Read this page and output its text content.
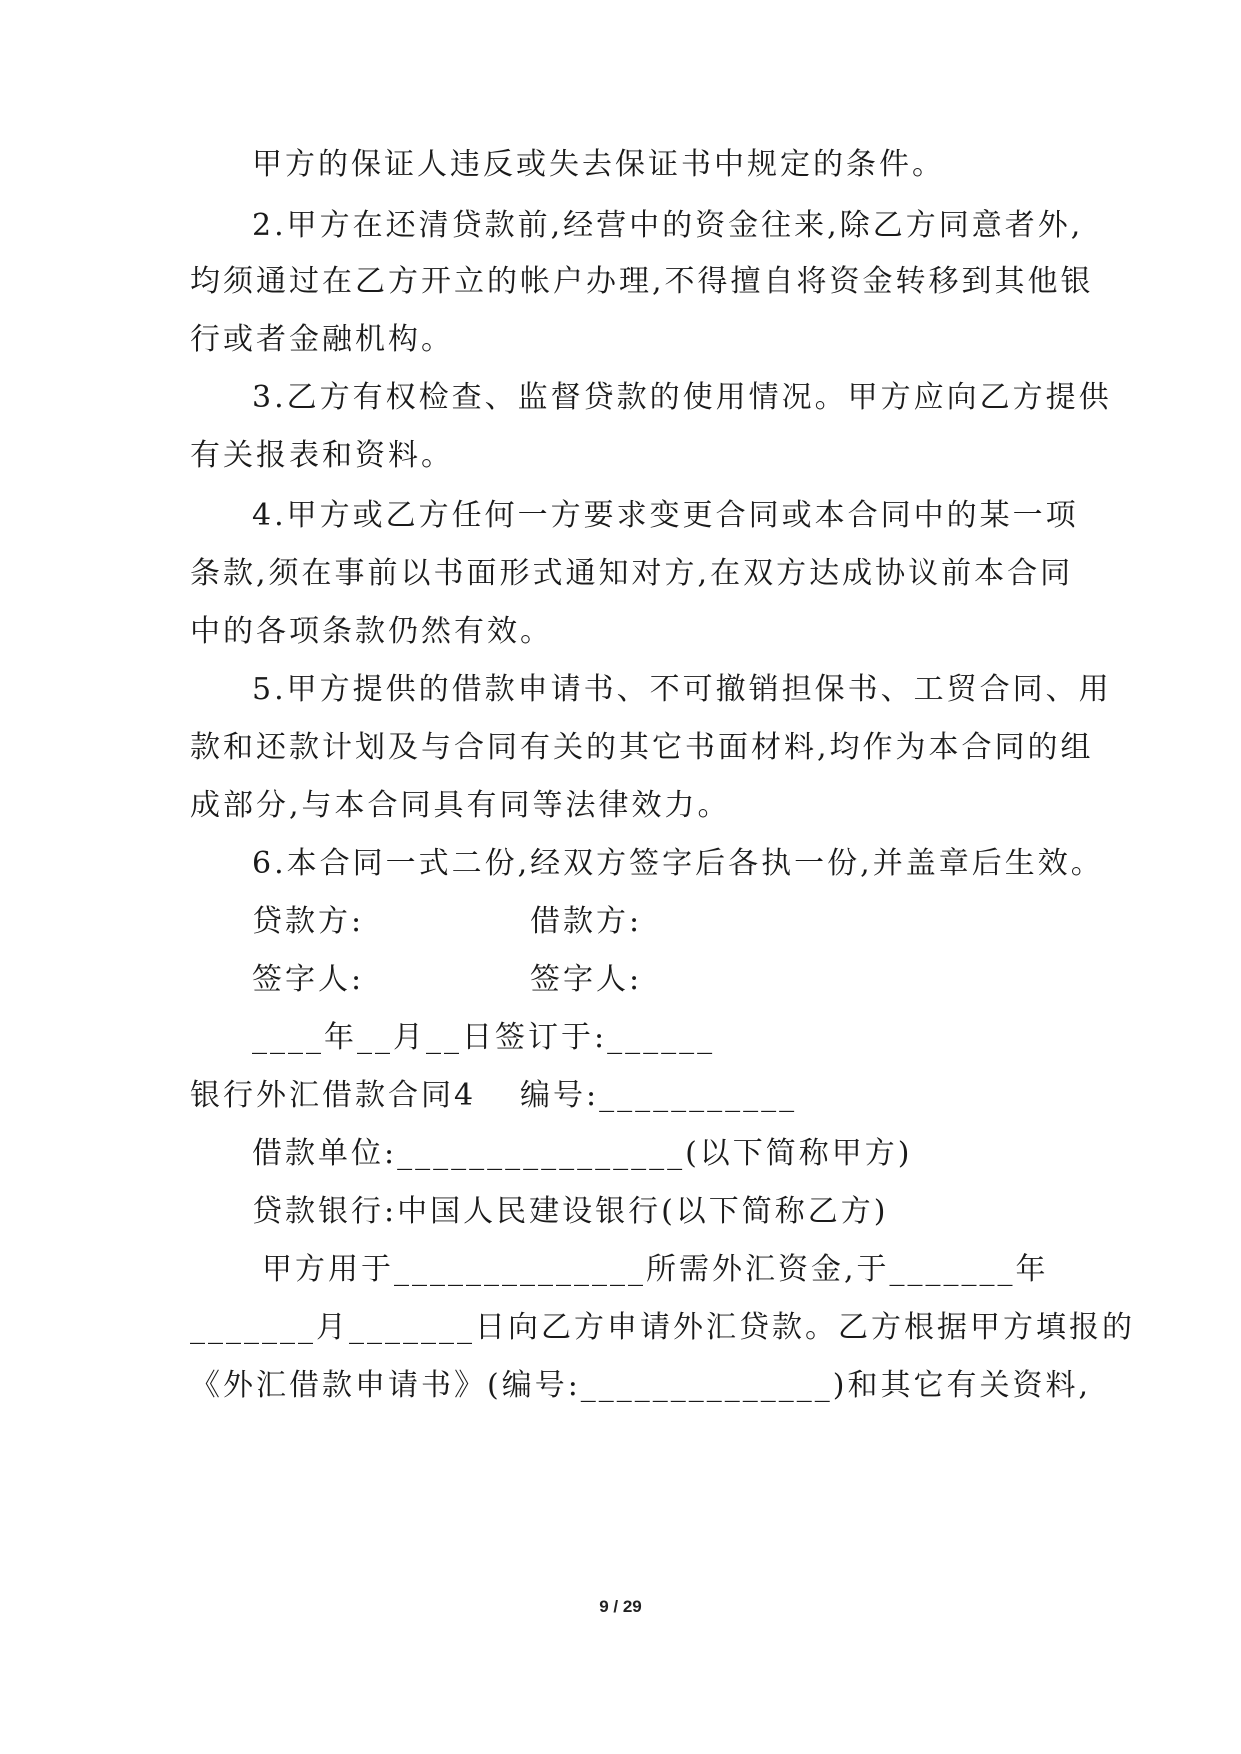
甲方的保证人违反或失去保证书中规定的条件。
2.甲方在还清贷款前,经营中的资金往来,除乙方同意者外,
均须通过在乙方开立的帐户办理,不得擅自将资金转移到其他银
行或者金融机构。
3.乙方有权检查、监督贷款的使用情况。甲方应向乙方提供
有关报表和资料。
4.甲方或乙方任何一方要求变更合同或本合同中的某一项
条款,须在事前以书面形式通知对方,在双方达成协议前本合同
中的各项条款仍然有效。
5.甲方提供的借款申请书、不可撤销担保书、工贸合同、用
款和还款计划及与合同有关的其它书面材料,均作为本合同的组
成部分,与本合同具有同等法律效力。
6.本合同一式二份,经双方签字后各执一份,并盖章后生效。
贷款方:	借款方:
签字人:	签字人:
____年__月__日签订于:______
银行外汇借款合同4 编号:___________
借款单位:________________(以下简称甲方)
贷款银行:中国人民建设银行(以下简称乙方)
甲方用于______________所需外汇资金,于_______年
_______月_______日向乙方申请外汇贷款。乙方根据甲方填报的
《外汇借款申请书》(编号:______________)和其它有关资料,
9 / 29
